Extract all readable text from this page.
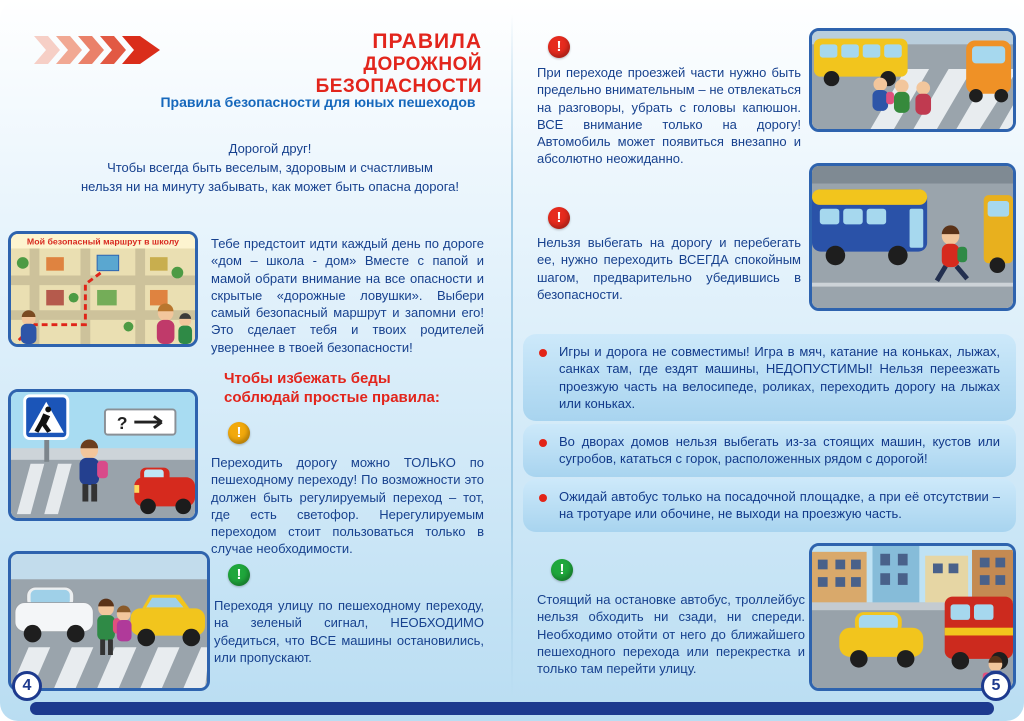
ПРАВИЛА
ДОРОЖНОЙ БЕЗОПАСНОСТИ
Правила безопасности для юных пешеходов
Дорогой друг!
Чтобы всегда быть веселым, здоровым и счастливым
нельзя ни на минуту забывать, как может быть опасна дорога!
Мой безопасный маршрут в школу Тебе предстоит идти каждый день по дороге «дом – школа - дом» Вместе с папой и мамой обрати внимание на все опасности и скрытые «дорожные ловушки». Выбери самый безопасный маршрут и запомни его! Это сделает тебя и твоих родителей увереннее в твоей безопасности!
Чтобы избежать беды
соблюдай простые правила:
?	!
Переходить дорогу можно ТОЛЬКО по пешеходному переходу! По возможности это должен быть регулируемый переход – тот, где есть светофор. Нерегулируемым переходом стоит пользоваться только в случае необходимости.
!
Переходя улицу по пешеходному переходу, на зеленый сигнал, НЕОБХОДИМО убедиться, что ВСЕ машины остановились, или пропускают.
4
!
При переходе проезжей части нужно быть предельно внимательным – не отвлекаться на разговоры, убрать с головы капюшон. ВСЕ внимание только на дорогу! Автомобиль может появиться внезапно и абсолютно неожиданно.
!
Нельзя выбегать на дорогу и перебегать ее, нужно переходить ВСЕГДА спокойным шагом, предварительно убедившись в безопасности.
Игры и дорога не совместимы! Игра в мяч, катание на коньках, лыжах, санках там, где ездят машины, НЕДОПУСТИМЫ! Нельзя переезжать проезжую часть на велосипеде, роликах, переходить дорогу на лыжах или коньках.
Во дворах домов нельзя выбегать из-за стоящих машин, кустов или сугробов, кататься с горок, расположенных рядом с дорогой!
Ожидай автобус только на посадочной площадке, а при её отсутствии – на тротуаре или обочине, не выходи на проезжую часть.
!
Стоящий на остановке автобус, троллейбус нельзя обходить ни сзади, ни спереди. Необходимо отойти от него до ближайшего пешеходного перехода или перекрестка и только там перейти улицу.
5
